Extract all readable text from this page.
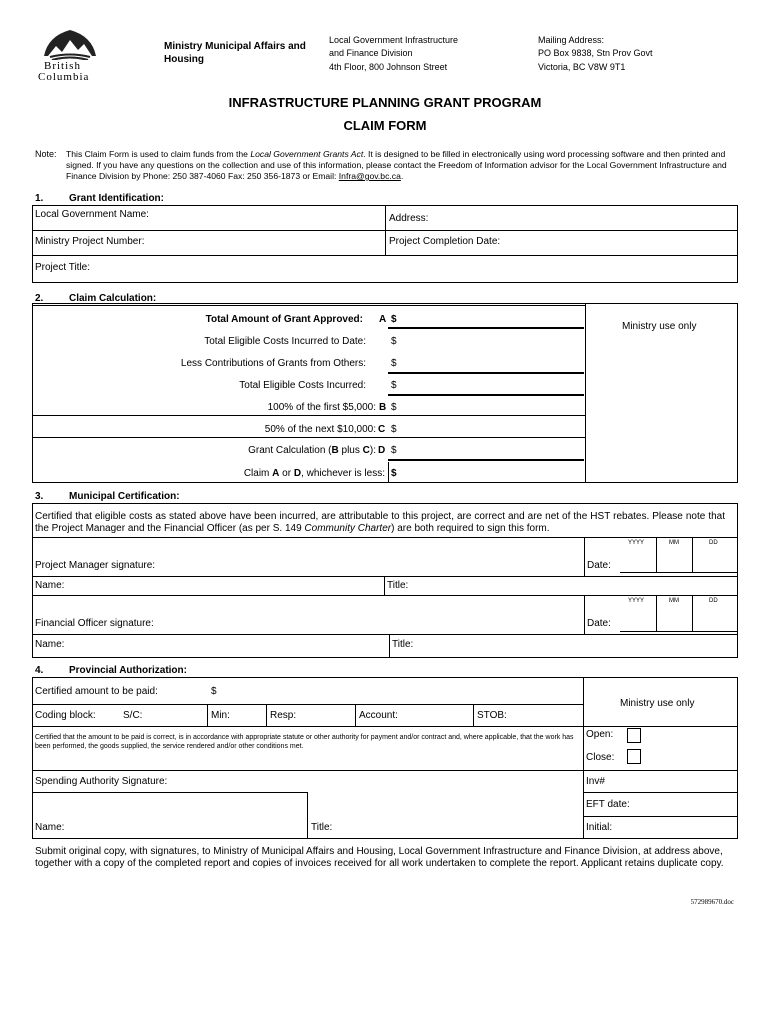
British
Columbia
Ministry Municipal Affairs and Housing
Local Government Infrastructure
and Finance Division
4th Floor, 800 Johnson Street
Mailing Address:
PO Box 9838, Stn Prov Govt
Victoria, BC V8W 9T1
INFRASTRUCTURE PLANNING GRANT PROGRAM
CLAIM FORM
Note: This Claim Form is used to claim funds from the Local Government Grants Act. It is designed to be filled in electronically using word processing software and then printed and signed. If you have any questions on the collection and use of this information, please contact the Freedom of Information advisor for the Local Government Infrastructure and Finance Division by Phone: 250 387-4060 Fax: 250 356-1873 or Email: Infra@gov.bc.ca.
1.	Grant Identification:
Local Government Name:	Address:
Ministry Project Number:	Project Completion Date:
Project Title:
2.	Claim Calculation:
Ministry use only
Total Amount of Grant Approved: A $
Total Eligible Costs Incurred to Date:	$
Less Contributions of Grants from Others:	$
Total Eligible Costs Incurred:	$
100% of the first $5,000: B $
50% of the next $10,000: C $
Grant Calculation (B plus C): D $
Claim A or D, whichever is less: $
3.	Municipal Certification:
Certified that eligible costs as stated above have been incurred, are attributable to this project, are correct and are net of the HST rebates. Please note that the Project Manager and the Financial Officer (as per S. 149 Community Charter) are both required to sign this form.
YYYY	MM	DD
Project Manager signature:	Date:
Name:	Title:
YYYY	MM	DD
Financial Officer signature:	Date:
Name:	Title:
4.	Provincial Authorization:
Certified amount to be paid:	$
Ministry use only
Coding block:	S/C:	Min:	Resp:	Account:	STOB:
Certified that the amount to be paid is correct, is in accordance with appropriate statute or other authority for payment and/or contract and, where applicable, that the work has been performed, the goods supplied, the service rendered and/or other conditions met.
Open:
Close:
Spending Authority Signature:	Inv#
EFT date:
Name:	Title:	Initial:
Submit original copy, with signatures, to Ministry of Municipal Affairs and Housing, Local Government Infrastructure and Finance Division, at address above, together with a copy of the completed report and copies of invoices received for all work undertaken to complete the report. Applicant retains duplicate copy.
572989670.doc
